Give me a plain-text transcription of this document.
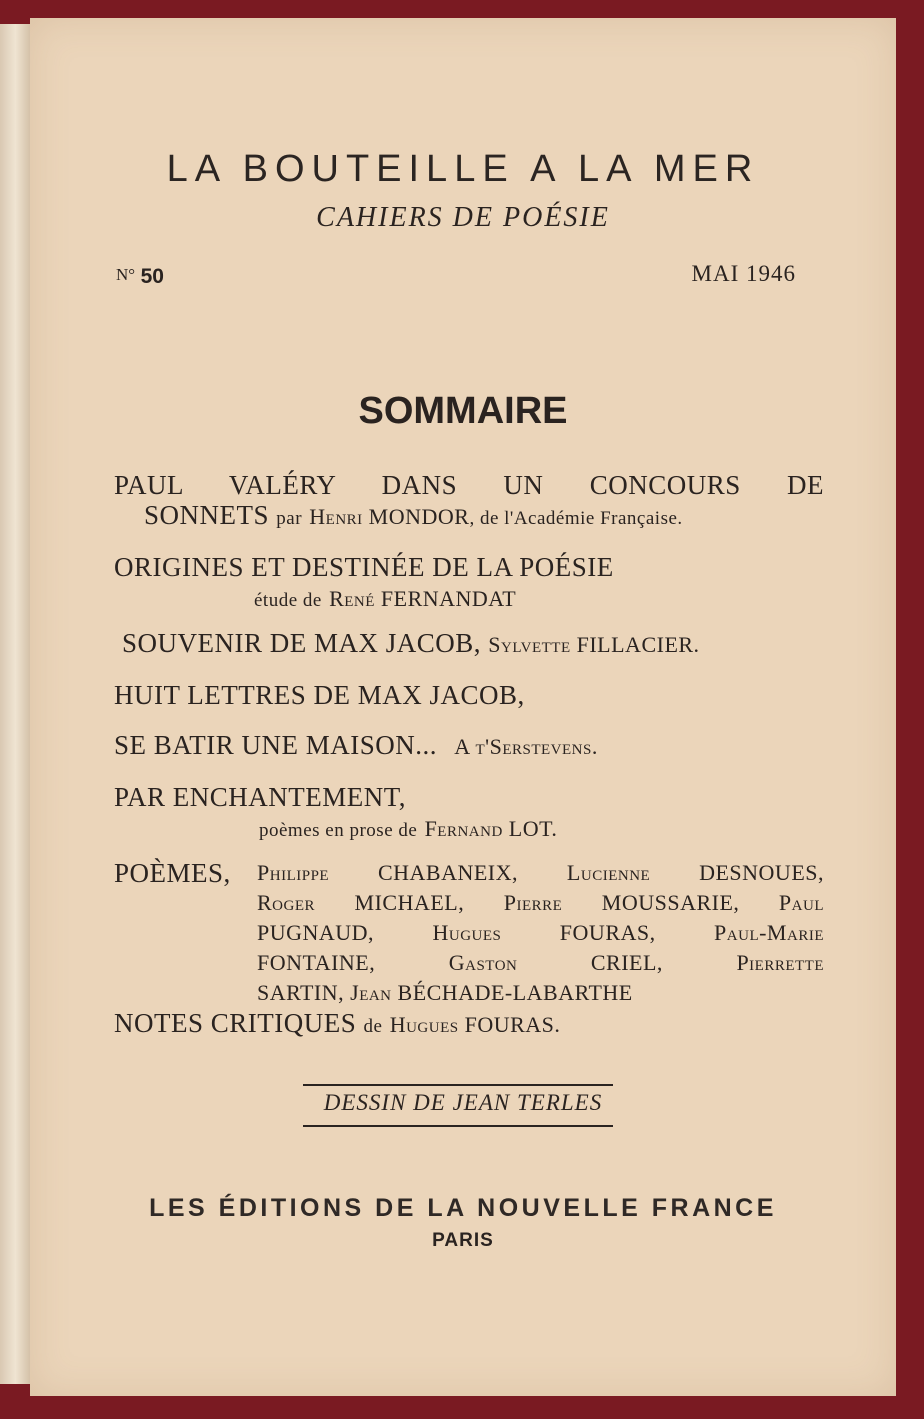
LA BOUTEILLE A LA MER
CAHIERS DE POÉSIE
N° 50	MAI 1946
SOMMAIRE
PAUL VALÉRY DANS UN CONCOURS DE
SONNETS par Henri MONDOR, de l'Académie Française.
ORIGINES ET DESTINÉE DE LA POÉSIE
étude de René FERNANDAT
SOUVENIR DE MAX JACOB, Sylvette FILLACIER.
HUIT LETTRES DE MAX JACOB,
SE BATIR UNE MAISON... A t'Serstevens.
PAR ENCHANTEMENT,
poèmes en prose de Fernand LOT.
POÈMES, Philippe CHABANEIX, Lucienne DESNOUES,
Roger MICHAEL, Pierre MOUSSARIE, Paul
PUGNAUD, Hugues FOURAS, Paul-Marie
FONTAINE, Gaston CRIEL, Pierrette
SARTIN, Jean BÉCHADE-LABARTHE
NOTES CRITIQUES de Hugues FOURAS.
DESSIN DE JEAN TERLES
LES ÉDITIONS DE LA NOUVELLE FRANCE
PARIS
